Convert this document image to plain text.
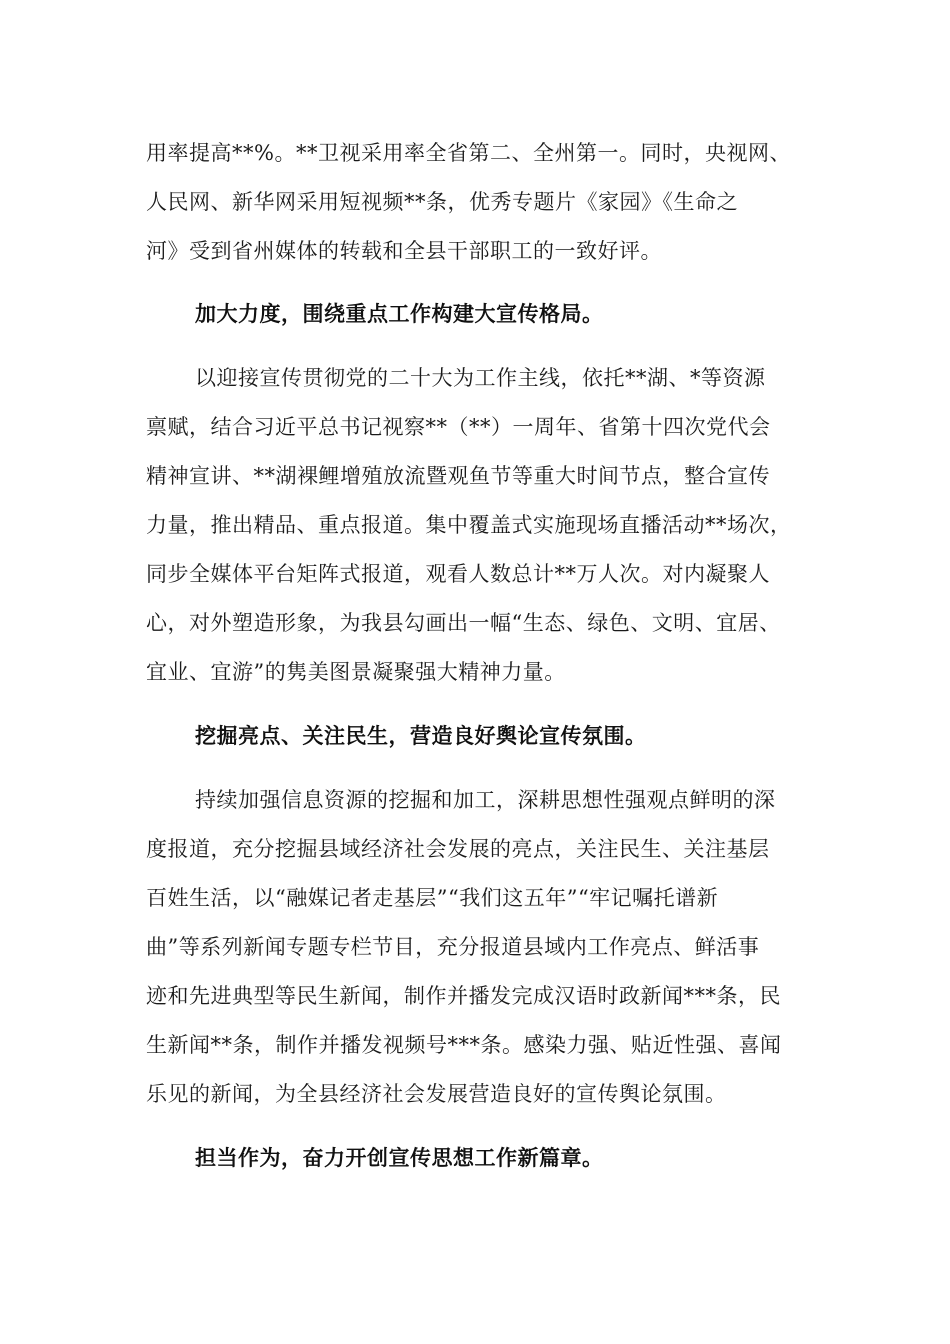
用率提高**%。**卫视采用率全省第二、全州第一。同时，央视网、
人民网、新华网采用短视频**条，优秀专题片《家园》《生命之
河》受到省州媒体的转载和全县干部职工的一致好评。
加大力度，围绕重点工作构建大宣传格局。
以迎接宣传贯彻党的二十大为工作主线，依托**湖、*等资源
禀赋，结合习近平总书记视察**（**）一周年、省第十四次党代会
精神宣讲、**湖裸鲤增殖放流暨观鱼节等重大时间节点，整合宣传
力量，推出精品、重点报道。集中覆盖式实施现场直播活动**场次，
同步全媒体平台矩阵式报道，观看人数总计**万人次。对内凝聚人
心，对外塑造形象，为我县勾画出一幅“生态、绿色、文明、宜居、
宜业、宜游”的隽美图景凝聚强大精神力量。
挖掘亮点、关注民生，营造良好舆论宣传氛围。
持续加强信息资源的挖掘和加工，深耕思想性强观点鲜明的深
度报道，充分挖掘县域经济社会发展的亮点，关注民生、关注基层
百姓生活，以“融媒记者走基层”“我们这五年”“牢记嘱托谱新
曲”等系列新闻专题专栏节目，充分报道县域内工作亮点、鲜活事
迹和先进典型等民生新闻，制作并播发完成汉语时政新闻***条，民
生新闻**条，制作并播发视频号***条。感染力强、贴近性强、喜闻
乐见的新闻，为全县经济社会发展营造良好的宣传舆论氛围。
担当作为，奋力开创宣传思想工作新篇章。
